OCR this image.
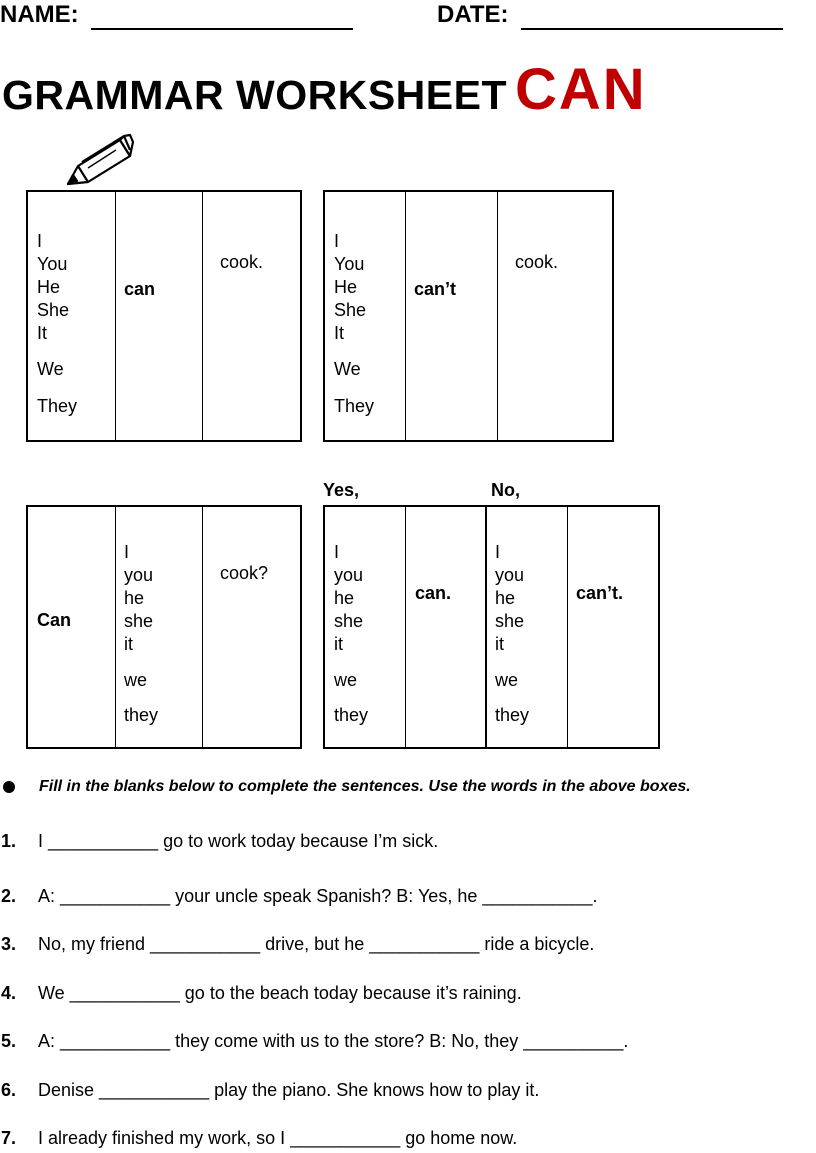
NAME:	DATE:
GRAMMAR WORKSHEET CAN
I
You
He
She
It
We
They
can
cook.
I
You
He
She
It
We
They
can’t
cook.
Yes,	No,
Can
I
you
he
she
it
we
they
cook?
I
you
he
she
it
we
they
can.
I
you
he
she
it
we
they
can’t.
Fill in the blanks below to complete the sentences. Use the words in the above boxes.
1. I ___________ go to work today because I’m sick.
2. A: ___________ your uncle speak Spanish? B: Yes, he ___________.
3. No, my friend ___________ drive, but he ___________ ride a bicycle.
4. We ___________ go to the beach today because it’s raining.
5. A: ___________ they come with us to the store? B: No, they __________.
6. Denise ___________ play the piano. She knows how to play it.
7. I already finished my work, so I ___________ go home now.
